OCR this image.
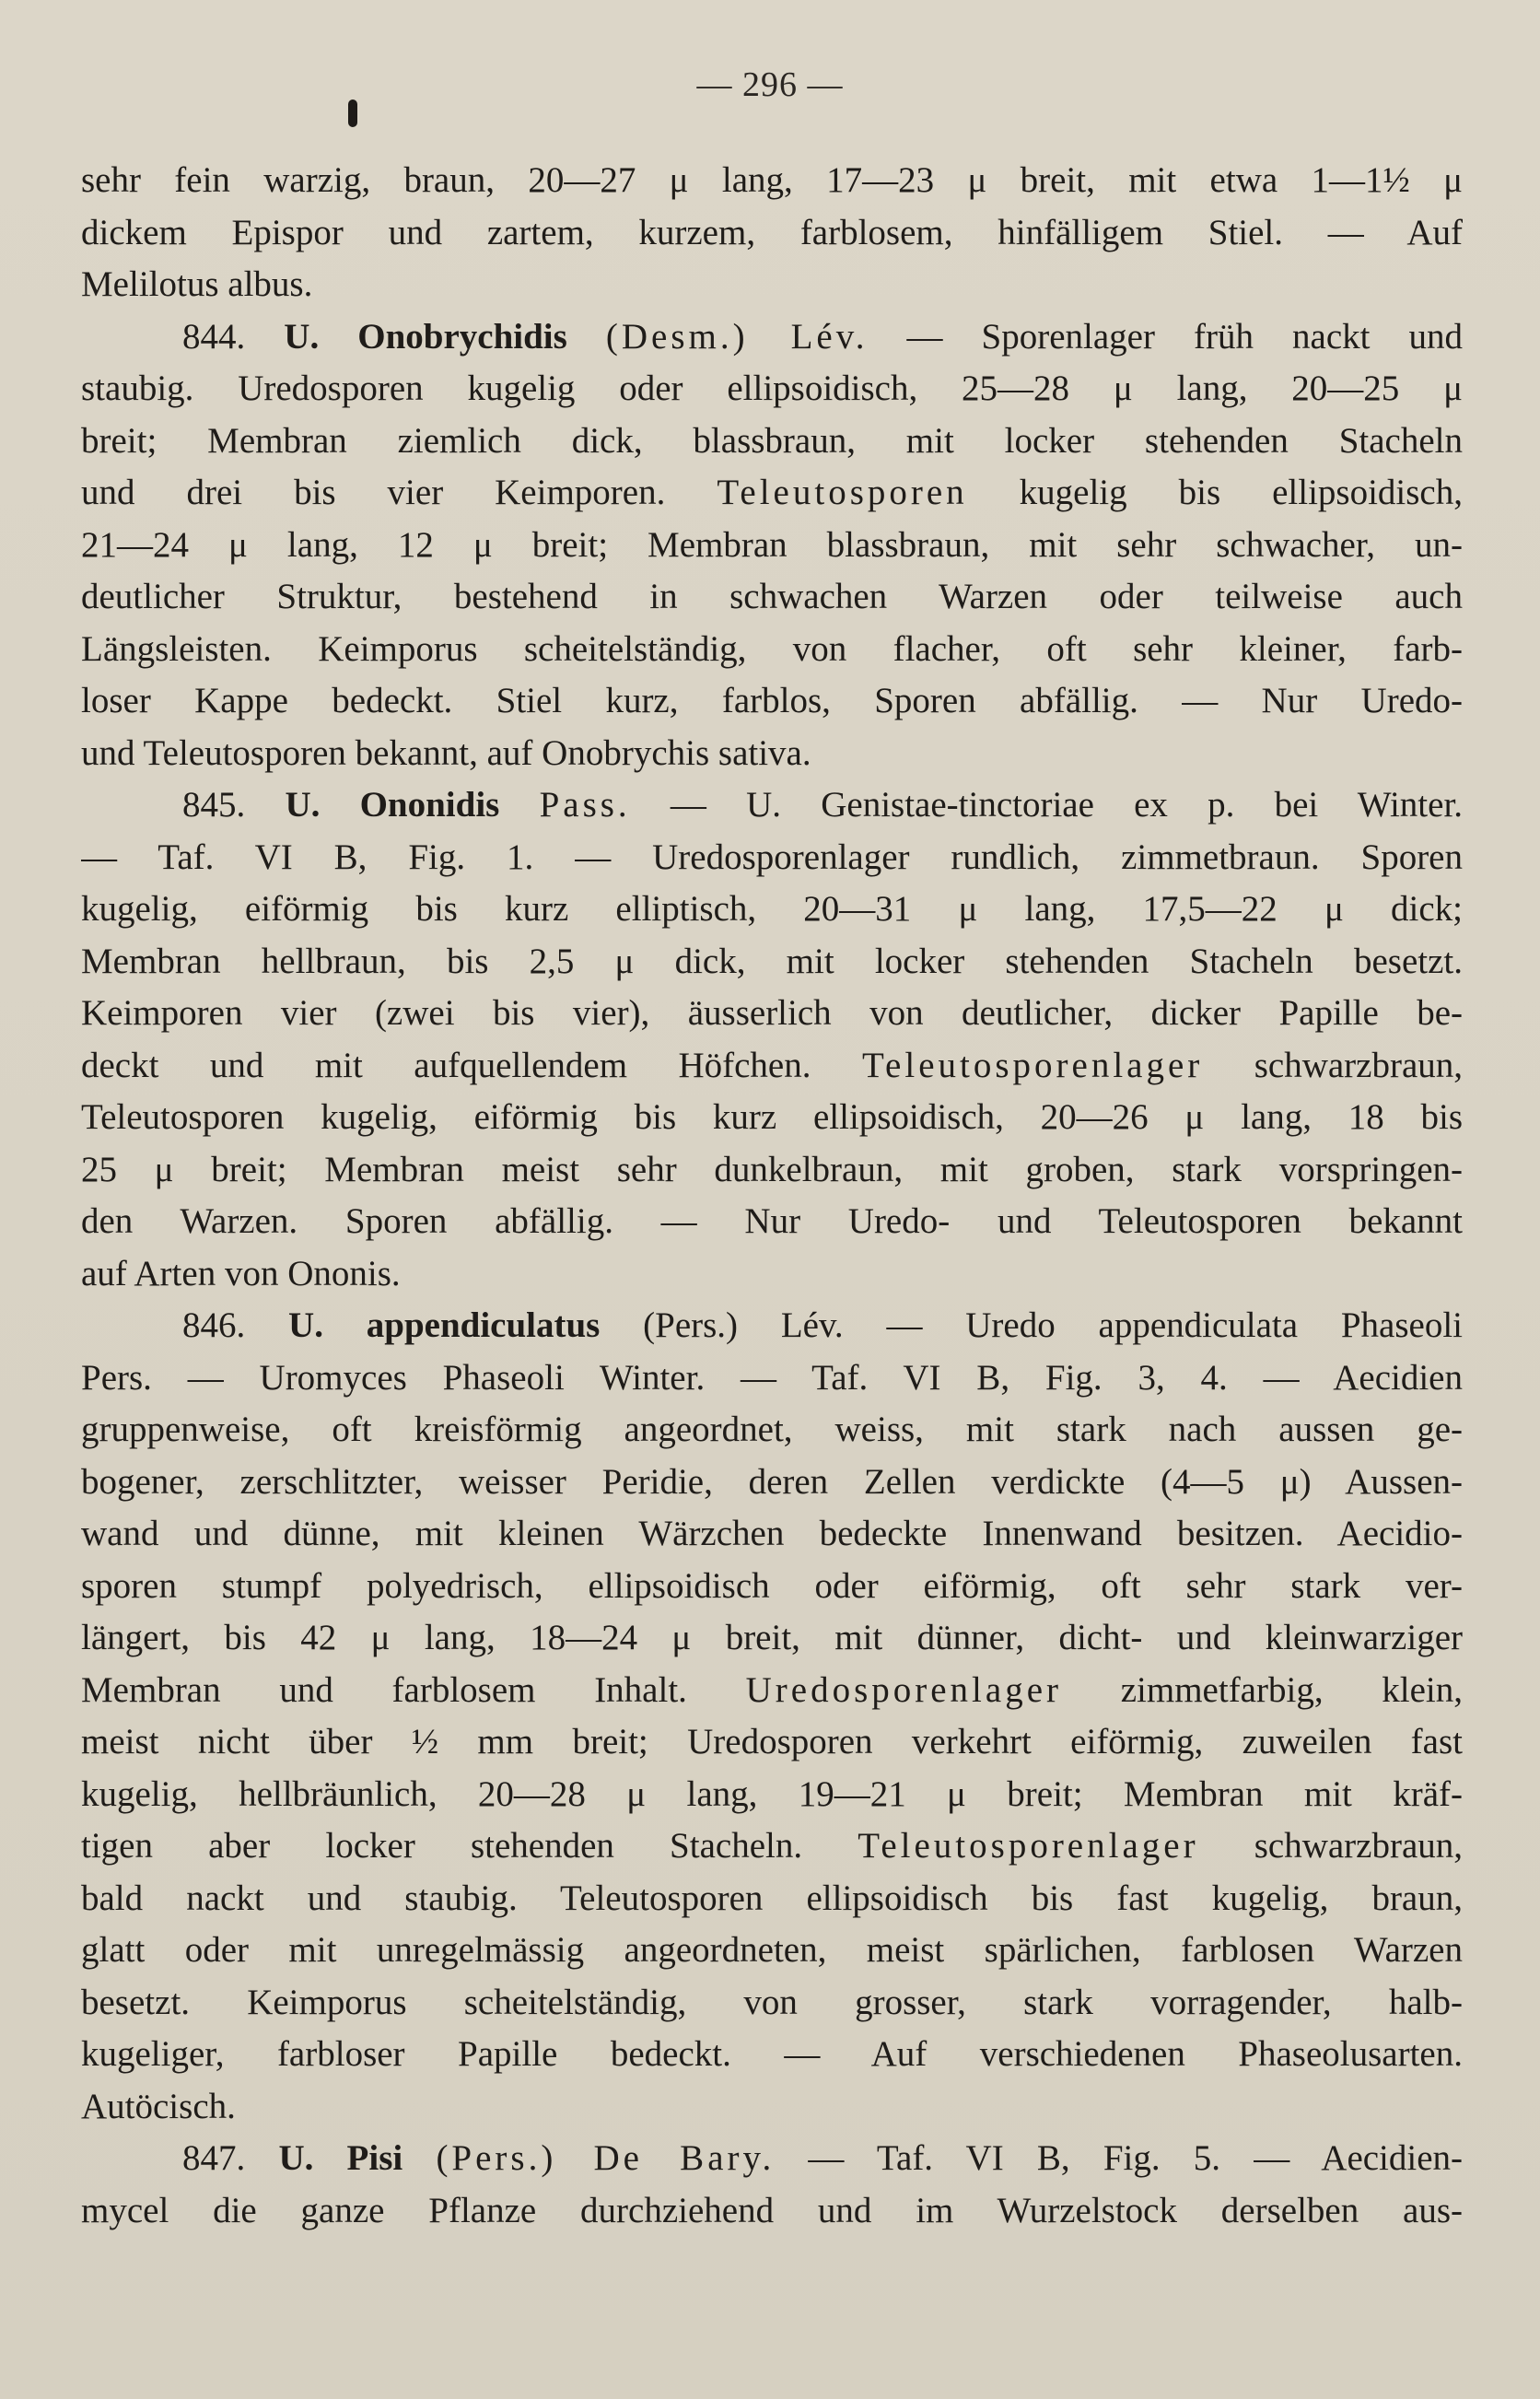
— 296 —
sehr fein warzig, braun, 20—27 μ lang, 17—23 μ breit, mit etwa 1—1½ μ
dickem Epispor und zartem, kurzem, farblosem, hinfälligem Stiel. — Auf
Melilotus albus.
844. U. Onobrychidis (Desm.) Lév. — Sporenlager früh nackt und
staubig. Uredosporen kugelig oder ellipsoidisch, 25—28 μ lang, 20—25 μ
breit; Membran ziemlich dick, blassbraun, mit locker stehenden Stacheln
und drei bis vier Keimporen. Teleutosporen kugelig bis ellipsoidisch,
21—24 μ lang, 12 μ breit; Membran blassbraun, mit sehr schwacher, un-
deutlicher Struktur, bestehend in schwachen Warzen oder teilweise auch
Längsleisten. Keimporus scheitelständig, von flacher, oft sehr kleiner, farb-
loser Kappe bedeckt. Stiel kurz, farblos, Sporen abfällig. — Nur Uredo-
und Teleutosporen bekannt, auf Onobrychis sativa.
845. U. Ononidis Pass. — U. Genistae-tinctoriae ex p. bei Winter.
— Taf. VI B, Fig. 1. — Uredosporenlager rundlich, zimmetbraun. Sporen
kugelig, eiförmig bis kurz elliptisch, 20—31 μ lang, 17,5—22 μ dick;
Membran hellbraun, bis 2,5 μ dick, mit locker stehenden Stacheln besetzt.
Keimporen vier (zwei bis vier), äusserlich von deutlicher, dicker Papille be-
deckt und mit aufquellendem Höfchen. Teleutosporenlager schwarzbraun,
Teleutosporen kugelig, eiförmig bis kurz ellipsoidisch, 20—26 μ lang, 18 bis
25 μ breit; Membran meist sehr dunkelbraun, mit groben, stark vorspringen-
den Warzen. Sporen abfällig. — Nur Uredo- und Teleutosporen bekannt
auf Arten von Ononis.
846. U. appendiculatus (Pers.) Lév. — Uredo appendiculata Phaseoli
Pers. — Uromyces Phaseoli Winter. — Taf. VI B, Fig. 3, 4. — Aecidien
gruppenweise, oft kreisförmig angeordnet, weiss, mit stark nach aussen ge-
bogener, zerschlitzter, weisser Peridie, deren Zellen verdickte (4—5 μ) Aussen-
wand und dünne, mit kleinen Wärzchen bedeckte Innenwand besitzen. Aecidio-
sporen stumpf polyedrisch, ellipsoidisch oder eiförmig, oft sehr stark ver-
längert, bis 42 μ lang, 18—24 μ breit, mit dünner, dicht- und kleinwarziger
Membran und farblosem Inhalt. Uredosporenlager zimmetfarbig, klein,
meist nicht über ½ mm breit; Uredosporen verkehrt eiförmig, zuweilen fast
kugelig, hellbräunlich, 20—28 μ lang, 19—21 μ breit; Membran mit kräf-
tigen aber locker stehenden Stacheln. Teleutosporenlager schwarzbraun,
bald nackt und staubig. Teleutosporen ellipsoidisch bis fast kugelig, braun,
glatt oder mit unregelmässig angeordneten, meist spärlichen, farblosen Warzen
besetzt. Keimporus scheitelständig, von grosser, stark vorragender, halb-
kugeliger, farbloser Papille bedeckt. — Auf verschiedenen Phaseolusarten.
Autöcisch.
847. U. Pisi (Pers.) De Bary. — Taf. VI B, Fig. 5. — Aecidien-
mycel die ganze Pflanze durchziehend und im Wurzelstock derselben aus-
